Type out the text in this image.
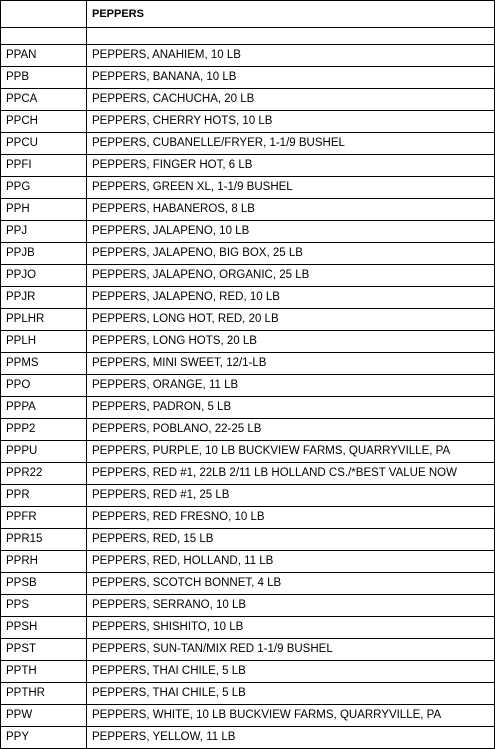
	PEPPERS

PPAN	PEPPERS, ANAHIEM, 10 LB
PPB	PEPPERS, BANANA, 10 LB
PPCA	PEPPERS, CACHUCHA, 20 LB
PPCH	PEPPERS, CHERRY HOTS, 10 LB
PPCU	PEPPERS, CUBANELLE/FRYER, 1-1/9 BUSHEL
PPFI	PEPPERS, FINGER HOT, 6 LB
PPG	PEPPERS, GREEN XL, 1-1/9 BUSHEL
PPH	PEPPERS, HABANEROS, 8 LB
PPJ	PEPPERS, JALAPENO, 10 LB
PPJB	PEPPERS, JALAPENO, BIG BOX, 25 LB
PPJO	PEPPERS, JALAPENO, ORGANIC, 25 LB
PPJR	PEPPERS, JALAPENO, RED, 10 LB
PPLHR	PEPPERS, LONG HOT, RED, 20 LB
PPLH	PEPPERS, LONG HOTS, 20 LB
PPMS	PEPPERS, MINI SWEET, 12/1-LB
PPO	PEPPERS, ORANGE, 11 LB
PPPA	PEPPERS, PADRON, 5 LB
PPP2	PEPPERS, POBLANO, 22-25 LB
PPPU	PEPPERS, PURPLE, 10 LB BUCKVIEW FARMS, QUARRYVILLE, PA
PPR22	PEPPERS, RED #1, 22LB 2/11 LB HOLLAND CS./*BEST VALUE NOW
PPR	PEPPERS, RED #1, 25 LB
PPFR	PEPPERS, RED FRESNO, 10 LB
PPR15	PEPPERS, RED, 15 LB
PPRH	PEPPERS, RED, HOLLAND, 11 LB
PPSB	PEPPERS, SCOTCH BONNET, 4 LB
PPS	PEPPERS, SERRANO, 10 LB
PPSH	PEPPERS, SHISHITO, 10 LB
PPST	PEPPERS, SUN-TAN/MIX RED 1-1/9 BUSHEL
PPTH	PEPPERS, THAI CHILE, 5 LB
PPTHR	PEPPERS, THAI CHILE, 5 LB
PPW	PEPPERS, WHITE, 10 LB BUCKVIEW FARMS, QUARRYVILLE, PA
PPY	PEPPERS, YELLOW, 11 LB
